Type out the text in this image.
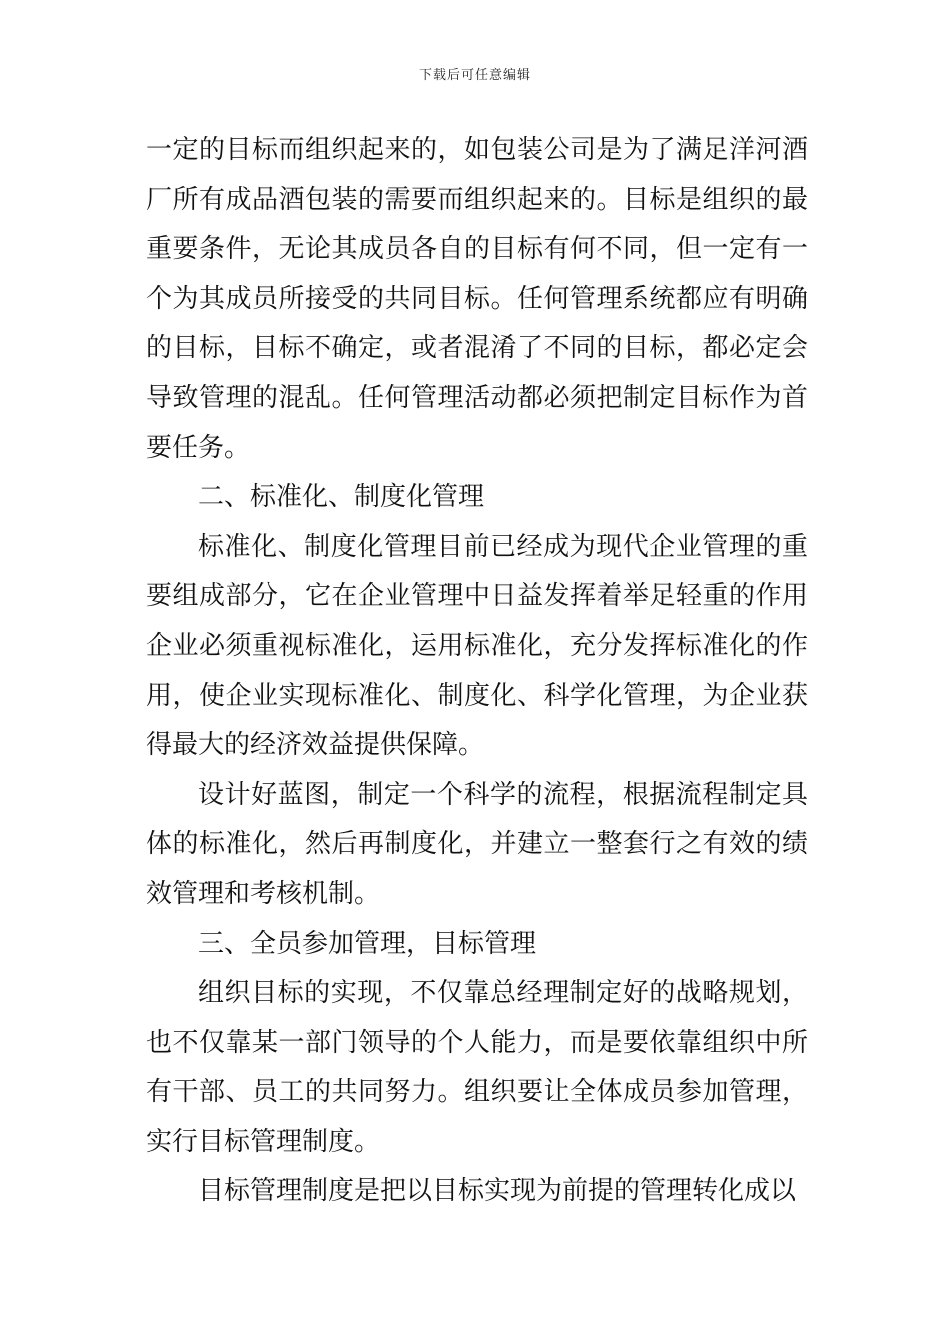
下载后可任意编辑

一定的目标而组织起来的，如包装公司是为了满足洋河酒厂所有成品酒包装的需要而组织起来的。目标是组织的最重要条件，无论其成员各自的目标有何不同，但一定有一个为其成员所接受的共同目标。任何管理系统都应有明确的目标，目标不确定，或者混淆了不同的目标，都必定会导致管理的混乱。任何管理活动都必须把制定目标作为首要任务。

二、标准化、制度化管理

标准化、制度化管理目前已经成为现代企业管理的重要组成部分，它在企业管理中日益发挥着举足轻重的作用企业必须重视标准化，运用标准化，充分发挥标准化的作用，使企业实现标准化、制度化、科学化管理，为企业获得最大的经济效益提供保障。

设计好蓝图，制定一个科学的流程，根据流程制定具体的标准化，然后再制度化，并建立一整套行之有效的绩效管理和考核机制。

三、全员参加管理，目标管理

组织目标的实现，不仅靠总经理制定好的战略规划，也不仅靠某一部门领导的个人能力，而是要依靠组织中所有干部、员工的共同努力。组织要让全体成员参加管理，实行目标管理制度。

目标管理制度是把以目标实现为前提的管理转化成以
